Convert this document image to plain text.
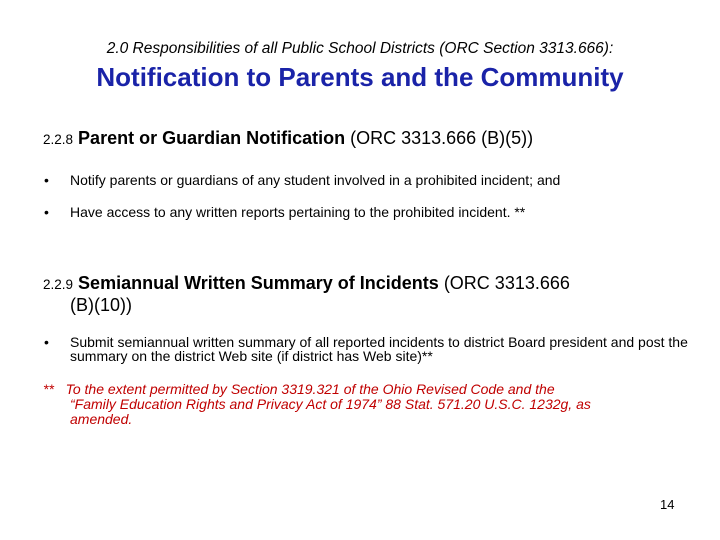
2.0 Responsibilities of all Public School Districts (ORC Section 3313.666):
Notification to Parents and the Community
2.2.8 Parent or Guardian Notification (ORC 3313.666 (B)(5))
• Notify parents or guardians of any student involved in a prohibited incident; and
• Have access to any written reports pertaining to the prohibited incident. **
2.2.9 Semiannual Written Summary of Incidents (ORC 3313.666
(B)(10))
• Submit semiannual written summary of all reported incidents to district Board president and post the summary on the district Web site (if district has Web site)**
** To the extent permitted by Section 3319.321 of the Ohio Revised Code and the
“Family Education Rights and Privacy Act of 1974” 88 Stat. 571.20 U.S.C. 1232g, as
amended.
14
